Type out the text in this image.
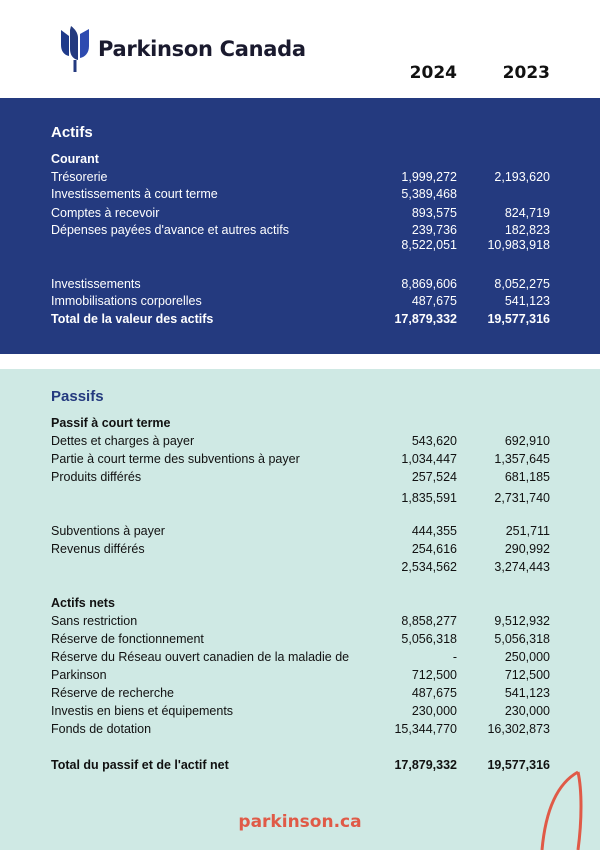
Parkinson Canada
2024	2023
Actifs
Courant
Trésorerie	1,999,272	2,193,620
Investissements à court terme	5,389,468
Comptes à recevoir	893,575	824,719
Dépenses payées d'avance et autres actifs	239,736	182,823
8,522,051 10,983,918
Investissements	8,869,606	8,052,275
Immobilisations corporelles	487,675	541,123
Total de la valeur des actifs	17,879,332 19,577,316
Passifs
Passif à court terme
Dettes et charges à payer	543,620	692,910
Partie à court terme des subventions à payer	1,034,447	1,357,645
Produits différés	257,524	681,185
1,835,591	2,731,740
Subventions à payer	444,355	251,711
Revenus différés	254,616	290,992
2,534,562	3,274,443
Actifs nets
Sans restriction	8,858,277	9,512,932
Réserve de fonctionnement	5,056,318	5,056,318
Réserve du Réseau ouvert canadien de la maladie de	-	250,000
Parkinson	712,500	712,500
Réserve de recherche	487,675	541,123
Investis en biens et équipements	230,000	230,000
Fonds de dotation	15,344,770 16,302,873
Total du passif et de l'actif net	17,879,332 19,577,316
parkinson.ca
